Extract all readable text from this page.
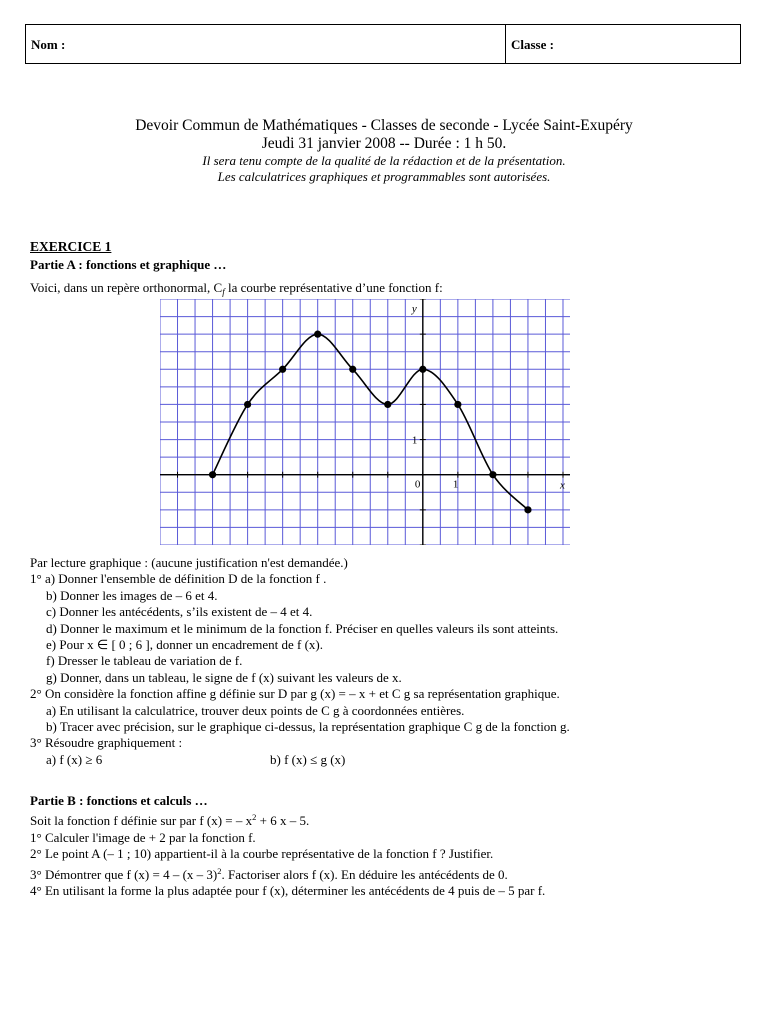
Nom :	Classe :
Devoir Commun de Mathématiques - Classes de seconde - Lycée Saint-Exupéry
Jeudi 31 janvier 2008 -- Durée : 1 h 50.
Il sera tenu compte de la qualité de la rédaction et de la présentation.
Les calculatrices graphiques et programmables sont autorisées.
EXERCICE 1
Partie A : fonctions et graphique …
Voici, dans un repère orthonormal, $C_f$ la courbe représentative d’une fonction f:
x
y
0	1
1
Par lecture graphique : (aucune justification n'est demandée.)
1° a) Donner l'ensemble de définition D de la fonction f .
b) Donner les images de – 6 et 4.
c) Donner les antécédents, s’ils existent de – 4 et 4.
d) Donner le maximum et le minimum de la fonction f. Préciser en quelles valeurs ils sont atteints.
e) Pour x ∈ [ 0 ; 6 ], donner un encadrement de f (x).
f) Dresser le tableau de variation de f.
g) Donner, dans un tableau, le signe de f (x) suivant les valeurs de x.
2° On considère la fonction affine g définie sur D par g (x) = – x + et C g sa représentation graphique.
a) En utilisant la calculatrice, trouver deux points de C g à coordonnées entières.
b) Tracer avec précision, sur le graphique ci-dessus, la représentation graphique C g de la fonction g.
3° Résoudre graphiquement :
a) f (x) ≥ 6	b) f (x) ≤ g (x)
Partie B : fonctions et calculs …
Soit la fonction f définie sur par f (x) = – $x^2 + 6$ x – 5.
1° Calculer l'image de + 2 par la fonction f.
2° Le point A (– 1 ; 10) appartient-il à la courbe représentative de la fonction f ? Justifier.
3° Démontrer que f (x) = 4 – (x – 3)$^2$. Factoriser alors f (x). En déduire les antécédents de 0.
4° En utilisant la forme la plus adaptée pour f (x), déterminer les antécédents de 4 puis de – 5 par f.
